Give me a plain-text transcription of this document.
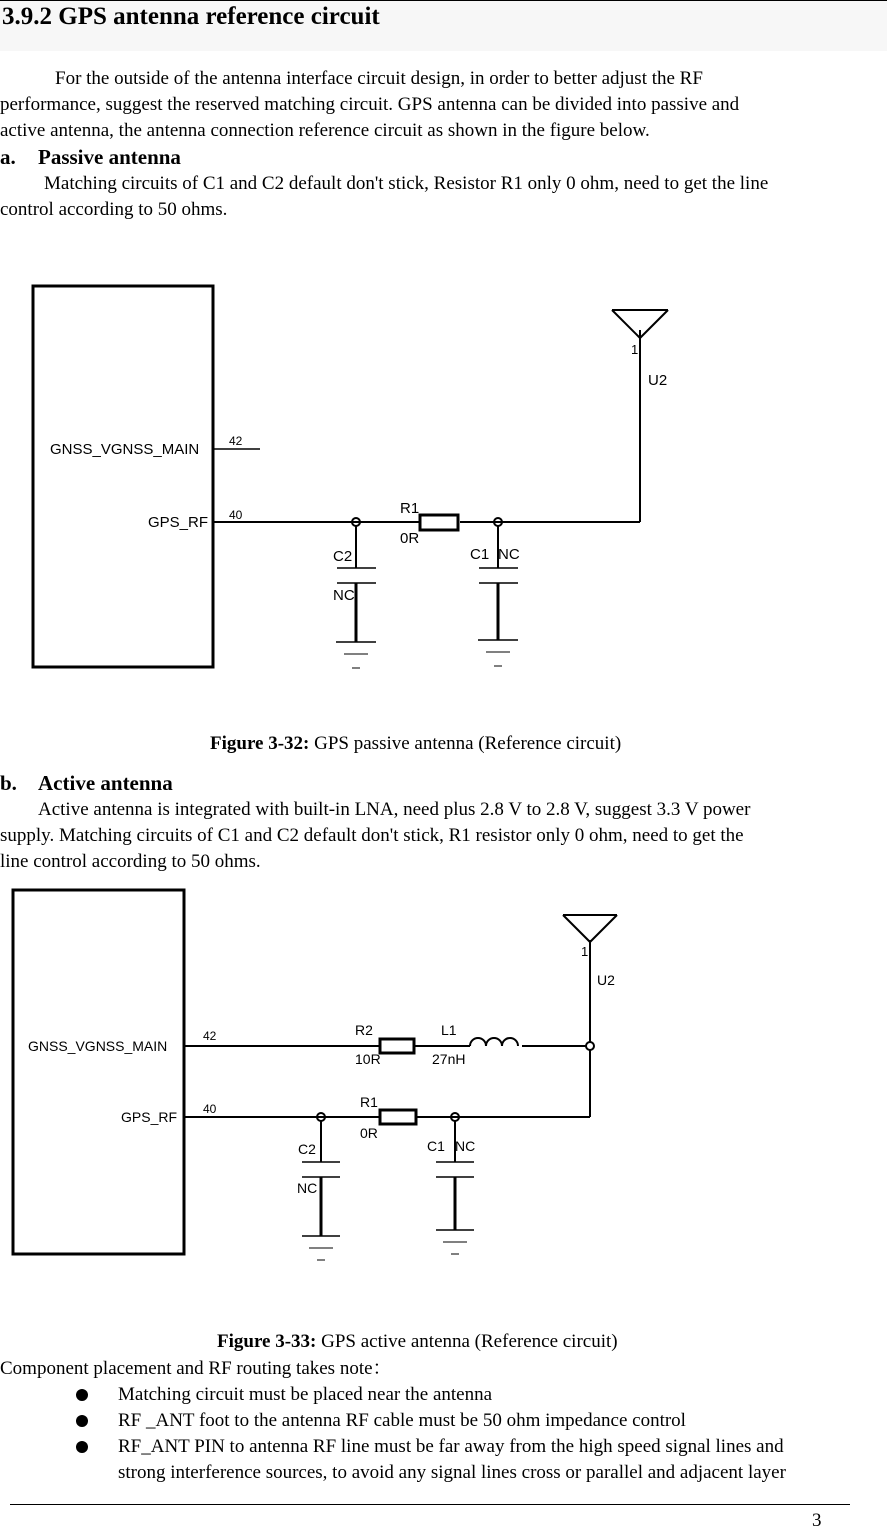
3.9.2 GPS antenna reference circuit
For the outside of the antenna interface circuit design, in order to better adjust the RF
performance, suggest the reserved matching circuit. GPS antenna can be divided into passive and
active antenna, the antenna connection reference circuit as shown in the figure below.
a. Passive antenna
Matching circuits of C1 and C2 default don't stick, Resistor R1 only 0 ohm, need to get the line
control according to 50 ohms.
GNSS_VGNSS_MAIN 42
GPS_RF 40	R1
0R
C2
NC
C1 NC
1
U2
Figure 3-32: GPS passive antenna (Reference circuit)
b. Active antenna
Active antenna is integrated with built-in LNA, need plus 2.8 V to 2.8 V, suggest 3.3 V power
supply. Matching circuits of C1 and C2 default don't stick, R1 resistor only 0 ohm, need to get the
line control according to 50 ohms.
GNSS_VGNSS_MAIN
42
GPS_RF 40
R2
10R
L1
27nH
R1
0R
C2
NC
C1 NC
1
U2
Figure 3-33: GPS active antenna (Reference circuit)
Component placement and RF routing takes note：
Matching circuit must be placed near the antenna
RF _ANT foot to the antenna RF cable must be 50 ohm impedance control
RF_ANT PIN to antenna RF line must be far away from the high speed signal lines and
strong interference sources, to avoid any signal lines cross or parallel and adjacent layer
3
